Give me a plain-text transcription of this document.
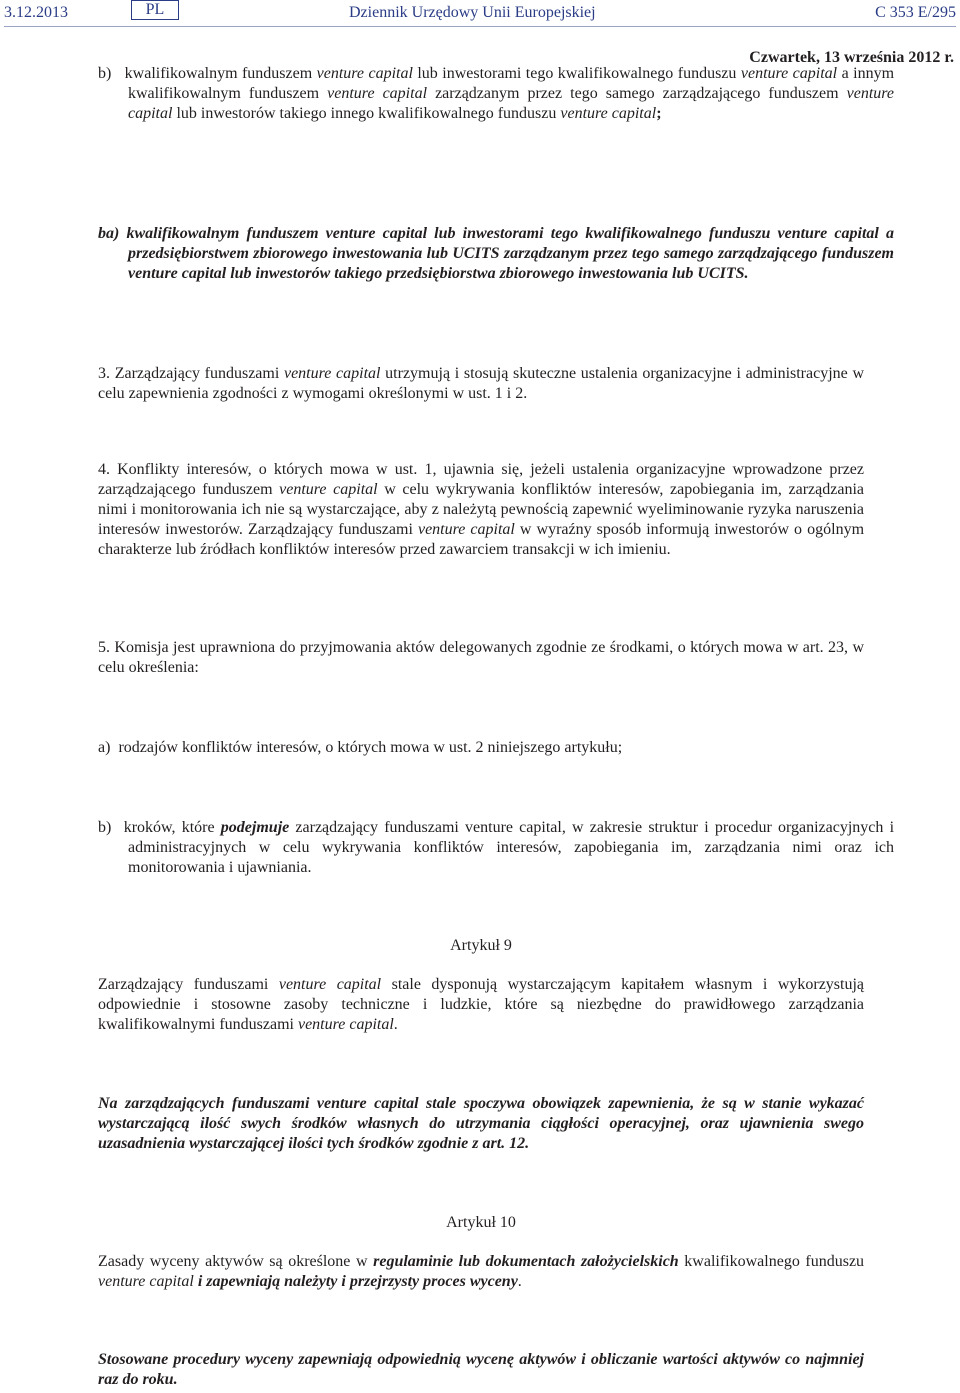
3.12.2013	PL	Dziennik Urzędowy Unii Europejskiej	C 353 E/295
Czwartek, 13 września 2012 r.
b) kwalifikowalnym funduszem venture capital lub inwestorami tego kwalifikowalnego funduszu venture capital a innym kwalifikowalnym funduszem venture capital zarządzanym przez tego samego zarządzającego funduszem venture capital lub inwestorów takiego innego kwalifikowalnego funduszu venture capital;
ba) kwalifikowalnym funduszem venture capital lub inwestorami tego kwalifikowalnego funduszu venture capital a przedsiębiorstwem zbiorowego inwestowania lub UCITS zarządzanym przez tego samego zarządzającego funduszem venture capital lub inwestorów takiego przedsiębiorstwa zbiorowego inwestowania lub UCITS.
3. Zarządzający funduszami venture capital utrzymują i stosują skuteczne ustalenia organizacyjne i administracyjne w celu zapewnienia zgodności z wymogami określonymi w ust. 1 i 2.
4. Konflikty interesów, o których mowa w ust. 1, ujawnia się, jeżeli ustalenia organizacyjne wprowadzone przez zarządzającego funduszem venture capital w celu wykrywania konfliktów interesów, zapobiegania im, zarządzania nimi i monitorowania ich nie są wystarczające, aby z należytą pewnością zapewnić wyeliminowanie ryzyka naruszenia interesów inwestorów. Zarządzający funduszami venture capital w wyraźny sposób informują inwestorów o ogólnym charakterze lub źródłach konfliktów interesów przed zawarciem transakcji w ich imieniu.
5. Komisja jest uprawniona do przyjmowania aktów delegowanych zgodnie ze środkami, o których mowa w art. 23, w celu określenia:
a) rodzajów konfliktów interesów, o których mowa w ust. 2 niniejszego artykułu;
b) kroków, które podejmuje zarządzający funduszami venture capital, w zakresie struktur i procedur organizacyjnych i administracyjnych w celu wykrywania konfliktów interesów, zapobiegania im, zarządzania nimi oraz ich monitorowania i ujawniania.
Artykuł 9
Zarządzający funduszami venture capital stale dysponują wystarczającym kapitałem własnym i wykorzystują odpowiednie i stosowne zasoby techniczne i ludzkie, które są niezbędne do prawidłowego zarządzania kwalifikowalnymi funduszami venture capital.
Na zarządzających funduszami venture capital stale spoczywa obowiązek zapewnienia, że są w stanie wykazać wystarczającą ilość swych środków własnych do utrzymania ciągłości operacyjnej, oraz ujawnienia swego uzasadnienia wystarczającej ilości tych środków zgodnie z art. 12.
Artykuł 10
Zasady wyceny aktywów są określone w regulaminie lub dokumentach założycielskich kwalifikowalnego funduszu venture capital i zapewniają należyty i przejrzysty proces wyceny.
Stosowane procedury wyceny zapewniają odpowiednią wycenę aktywów i obliczanie wartości aktywów co najmniej raz do roku.
